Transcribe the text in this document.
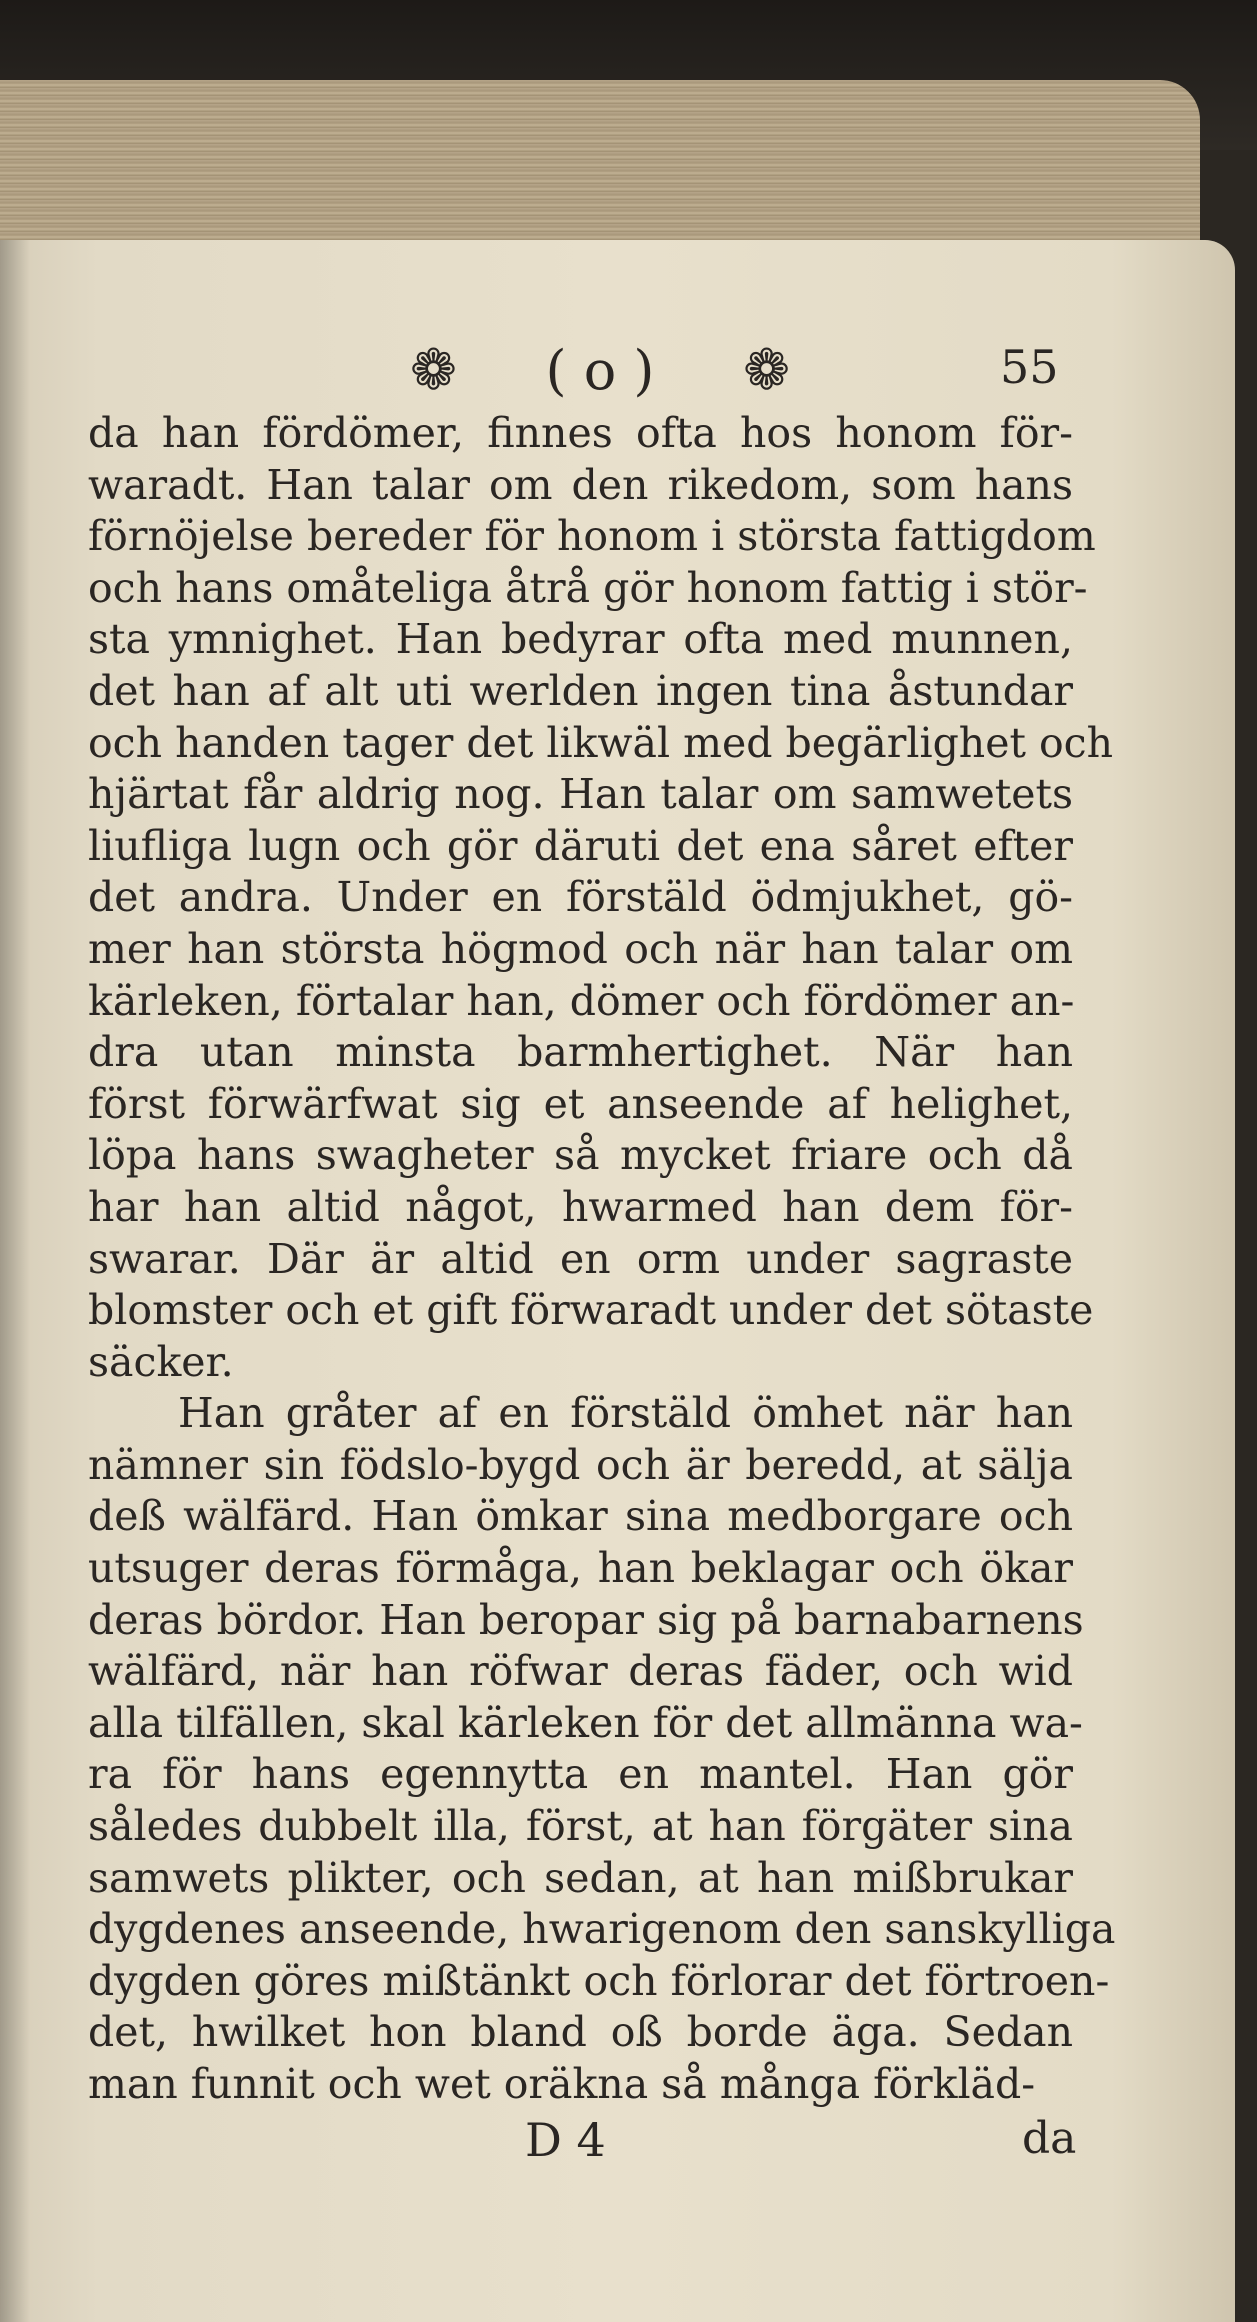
❁ ( o ) ❁	55
da han fördömer, finnes ofta hos honom för-
waradt. Han talar om den rikedom, som hans
förnöjelse bereder för honom i största fattigdom
och hans omåteliga åtrå gör honom fattig i stör-
sta ymnighet. Han bedyrar ofta med munnen,
det han af alt uti werlden ingen tina åstundar
och handen tager det likwäl med begärlighet och
hjärtat får aldrig nog. Han talar om samwetets
liufliga lugn och gör däruti det ena såret efter
det andra. Under en förstäld ödmjukhet, gö-
mer han största högmod och när han talar om
kärleken, förtalar han, dömer och fördömer an-
dra utan minsta barmhertighet. När han
först förwärfwat sig et anseende af helighet,
löpa hans swagheter så mycket friare och då
har han altid något, hwarmed han dem för-
swarar. Där är altid en orm under sagraste
blomster och et gift förwaradt under det sötaste
säcker.
Han gråter af en förstäld ömhet när han
nämner sin födslo-bygd och är beredd, at sälja
deß wälfärd. Han ömkar sina medborgare och
utsuger deras förmåga, han beklagar och ökar
deras bördor. Han beropar sig på barnabarnens
wälfärd, när han röfwar deras fäder, och wid
alla tilfällen, skal kärleken för det allmänna wa-
ra för hans egennytta en mantel. Han gör
således dubbelt illa, först, at han förgäter sina
samwets plikter, och sedan, at han mißbrukar
dygdenes anseende, hwarigenom den sanskylliga
dygden göres mißtänkt och förlorar det förtroen-
det, hwilket hon bland oß borde äga. Sedan
man funnit och wet oräkna så många förkläd-
D 4	da
